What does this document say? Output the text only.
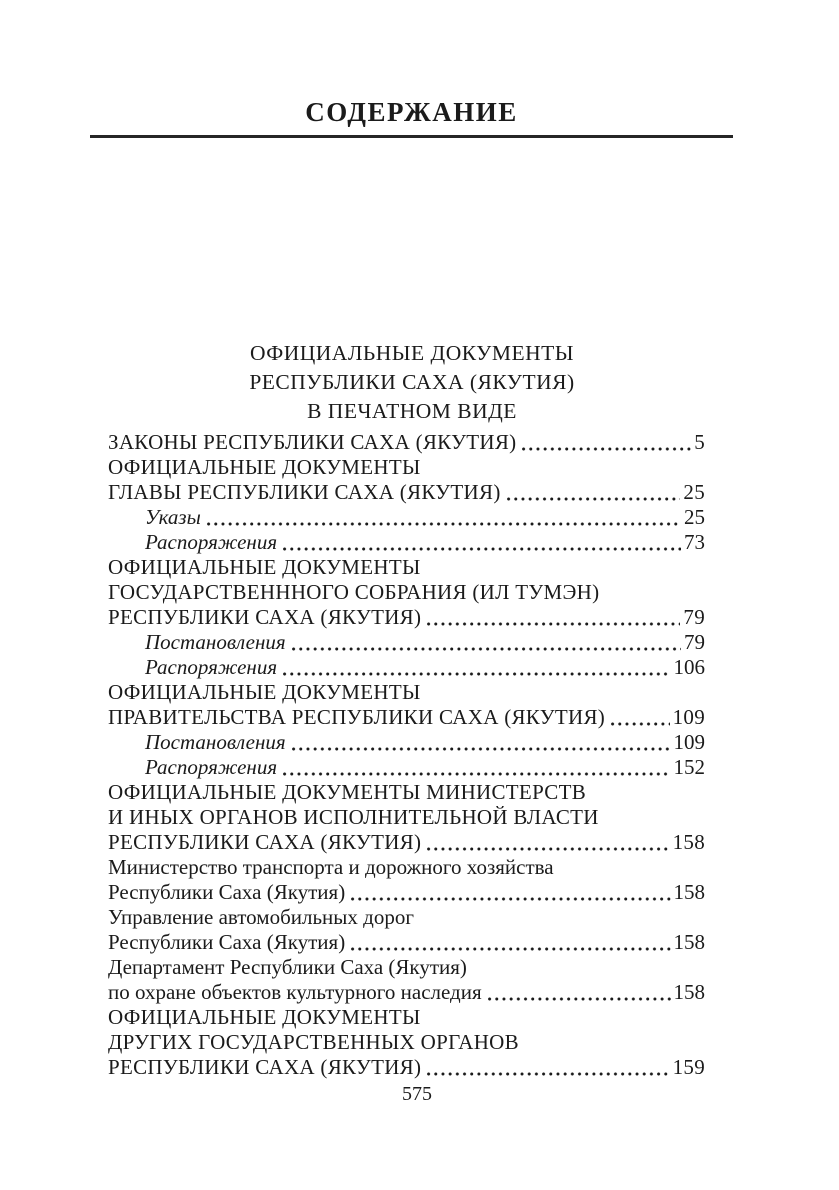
СОДЕРЖАНИЕ
ОФИЦИАЛЬНЫЕ ДОКУМЕНТЫ
РЕСПУБЛИКИ САХА (ЯКУТИЯ)
В ПЕЧАТНОМ ВИДЕ
ЗАКОНЫ РЕСПУБЛИКИ САХА (ЯКУТИЯ)	5
ОФИЦИАЛЬНЫЕ ДОКУМЕНТЫ
ГЛАВЫ РЕСПУБЛИКИ САХА (ЯКУТИЯ)	25
Указы	25
Распоряжения	73
ОФИЦИАЛЬНЫЕ ДОКУМЕНТЫ
ГОСУДАРСТВЕНННОГО СОБРАНИЯ (ИЛ ТУМЭН)
РЕСПУБЛИКИ САХА (ЯКУТИЯ)	79
Постановления	79
Распоряжения	106
ОФИЦИАЛЬНЫЕ ДОКУМЕНТЫ
ПРАВИТЕЛЬСТВА РЕСПУБЛИКИ САХА (ЯКУТИЯ)	109
Постановления	109
Распоряжения	152
ОФИЦИАЛЬНЫЕ ДОКУМЕНТЫ МИНИСТЕРСТВ
И ИНЫХ ОРГАНОВ ИСПОЛНИТЕЛЬНОЙ ВЛАСТИ
РЕСПУБЛИКИ САХА (ЯКУТИЯ)	158
Министерство транспорта и дорожного хозяйства
Республики Саха (Якутия)	158
Управление автомобильных дорог
Республики Саха (Якутия)	158
Департамент Республики Саха (Якутия)
по охране объектов культурного наследия	158
ОФИЦИАЛЬНЫЕ ДОКУМЕНТЫ
ДРУГИХ ГОСУДАРСТВЕННЫХ ОРГАНОВ
РЕСПУБЛИКИ САХА (ЯКУТИЯ)	159
575
